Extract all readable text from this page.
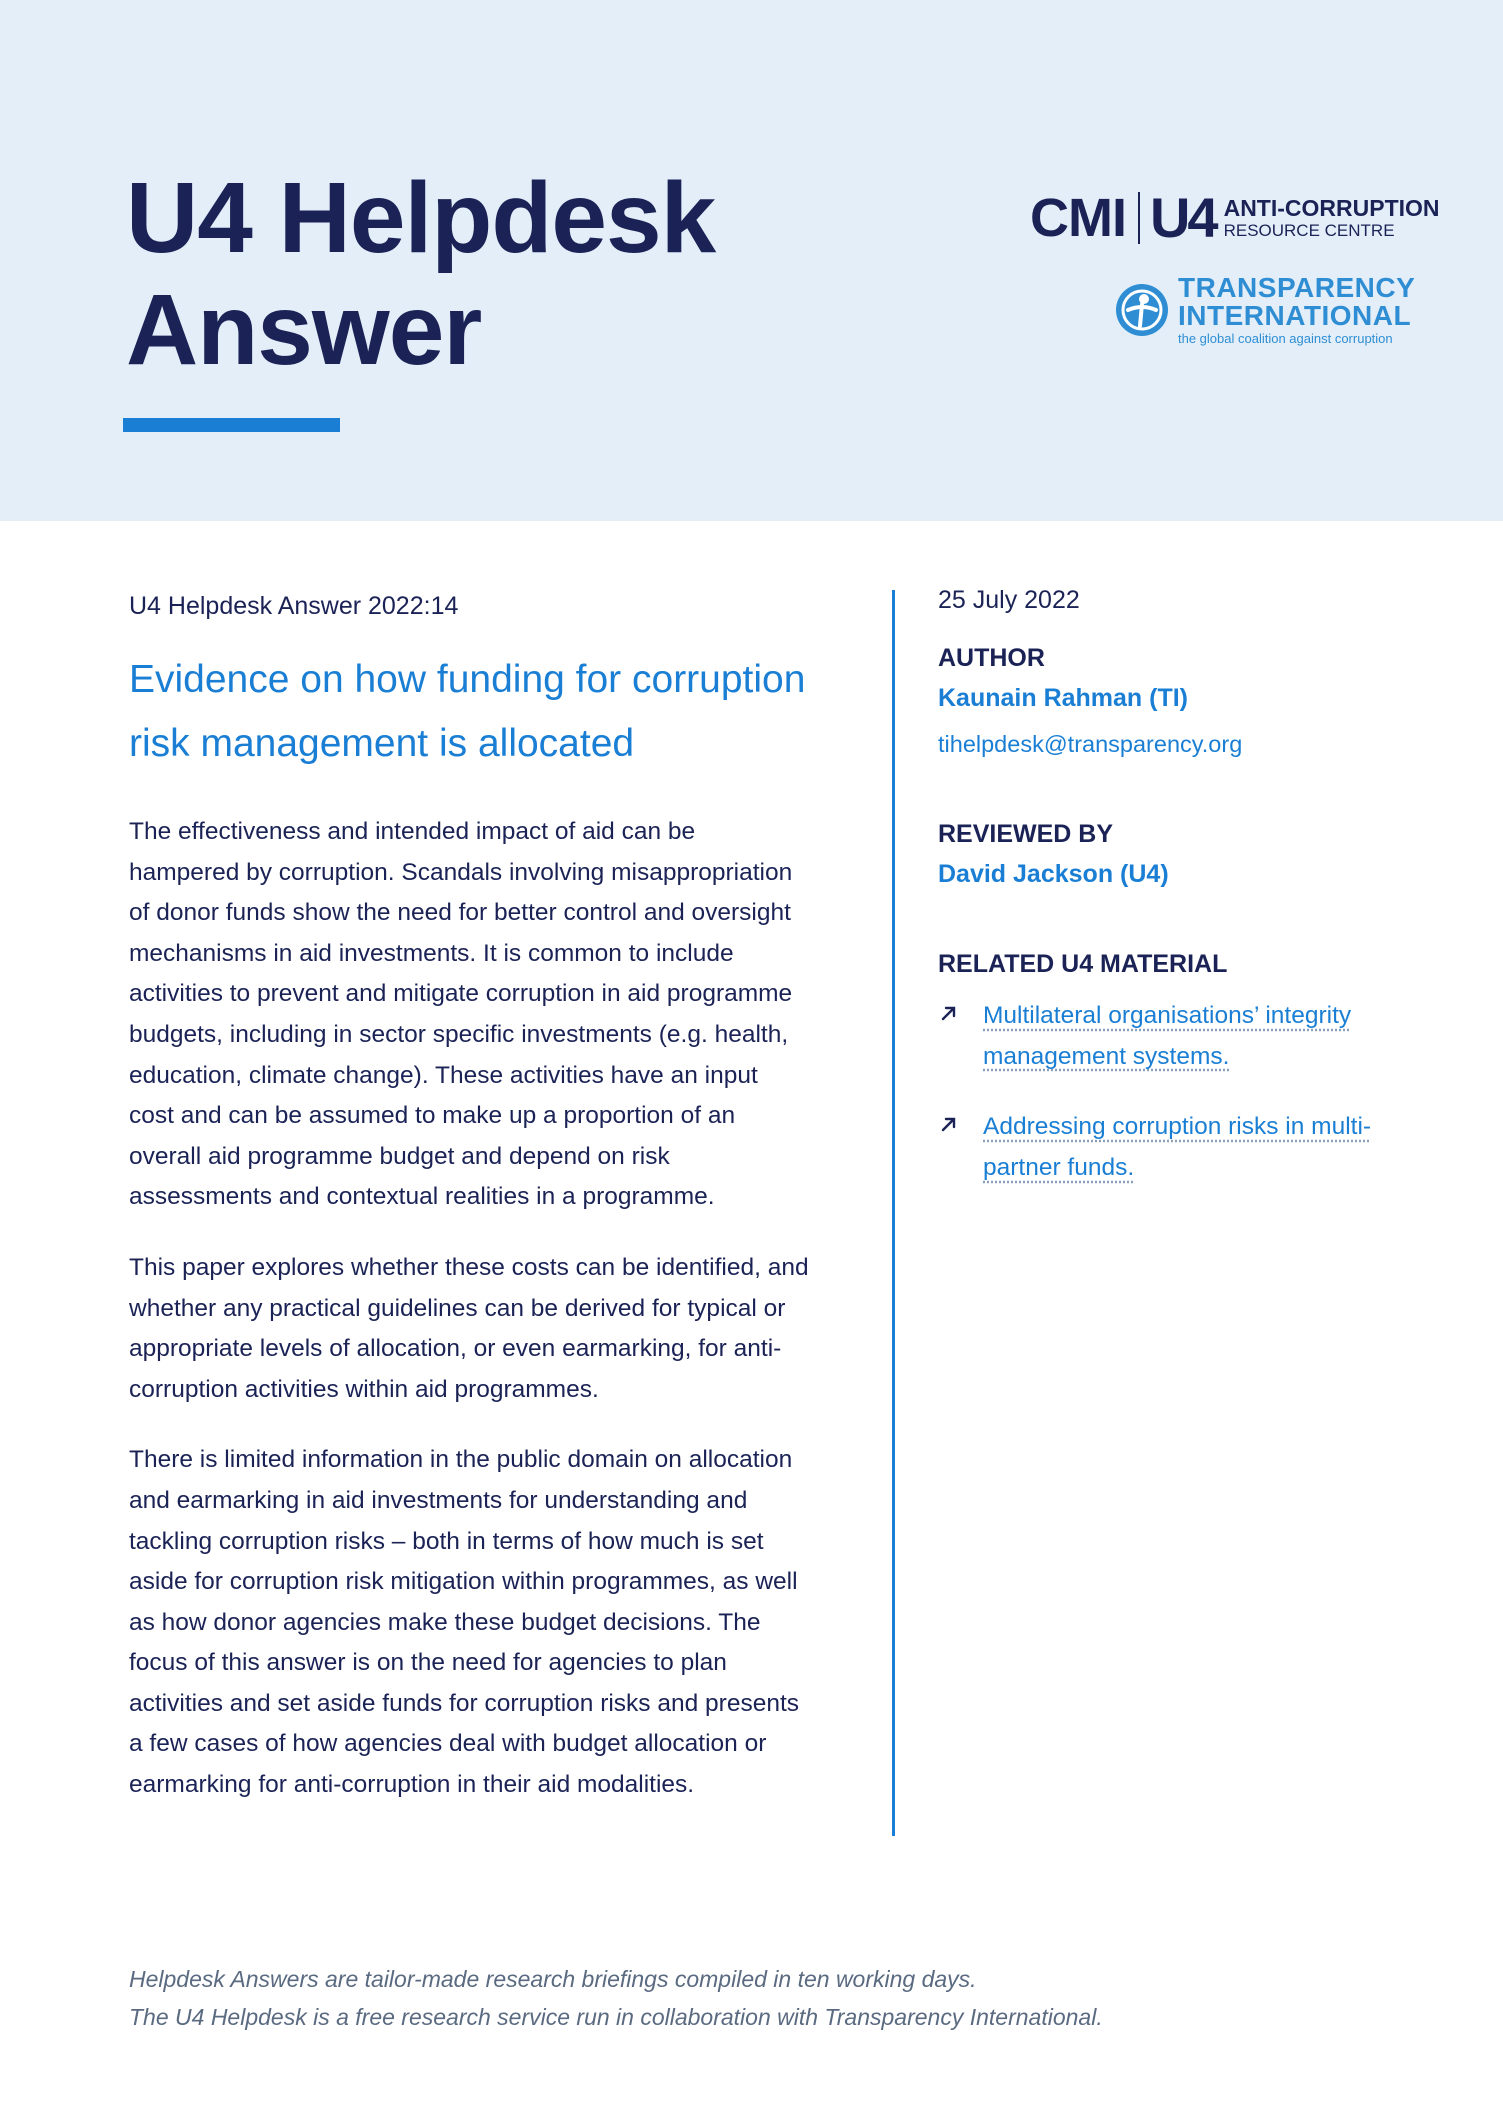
U4 Helpdesk
Answer
CMI U4 ANTI-CORRUPTION
RESOURCE CENTRE
TRANSPARENCY
INTERNATIONAL
the global coalition against corruption

U4 Helpdesk Answer 2022:14

Evidence on how funding for corruption risk management is allocated

The effectiveness and intended impact of aid can be hampered by corruption. Scandals involving misappropriation of donor funds show the need for better control and oversight mechanisms in aid investments. It is common to include activities to prevent and mitigate corruption in aid programme budgets, including in sector specific investments (e.g. health, education, climate change). These activities have an input cost and can be assumed to make up a proportion of an overall aid programme budget and depend on risk assessments and contextual realities in a programme.

This paper explores whether these costs can be identified, and whether any practical guidelines can be derived for typical or appropriate levels of allocation, or even earmarking, for anti-corruption activities within aid programmes.

There is limited information in the public domain on allocation and earmarking in aid investments for understanding and tackling corruption risks – both in terms of how much is set aside for corruption risk mitigation within programmes, as well as how donor agencies make these budget decisions. The focus of this answer is on the need for agencies to plan activities and set aside funds for corruption risks and presents a few cases of how agencies deal with budget allocation or earmarking for anti-corruption in their aid modalities.

25 July 2022

AUTHOR

Kaunain Rahman (TI)

tihelpdesk@transparency.org

REVIEWED BY

David Jackson (U4)

RELATED U4 MATERIAL

Multilateral organisations’ integrity management systems.
Addressing corruption risks in multi-partner funds.

Helpdesk Answers are tailor-made research briefings compiled in ten working days.

The U4 Helpdesk is a free research service run in collaboration with Transparency International.
